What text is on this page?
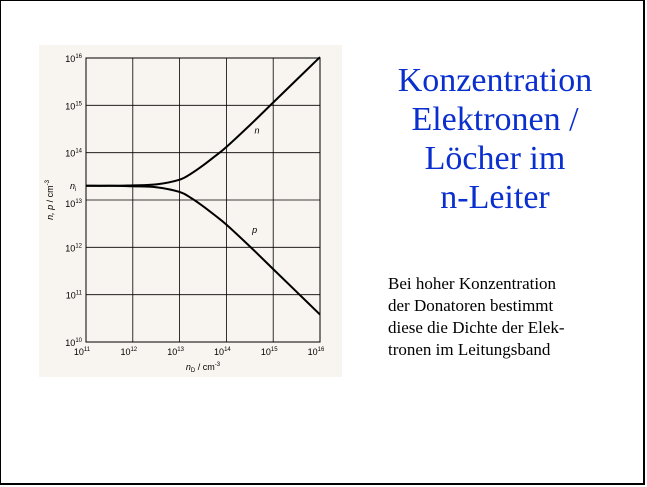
$10^{11}$	$10^{12}$	$10^{13}$	$10^{14}$	$10^{15}$	$10^{16}$
$10^{10}$
$10^{11}$
$10^{12}$
$10^{13}$
$10^{14}$
$10^{15}$
$10^{16}$
n
p
$n_i$
$n_D / cm^{-3}$
n, p / $cm^{-3}$
Konzentration
Elektronen /
Löcher im
n-Leiter
Bei hoher Konzentration
der Donatoren bestimmt
diese die Dichte der Elek-
tronen im Leitungsband
